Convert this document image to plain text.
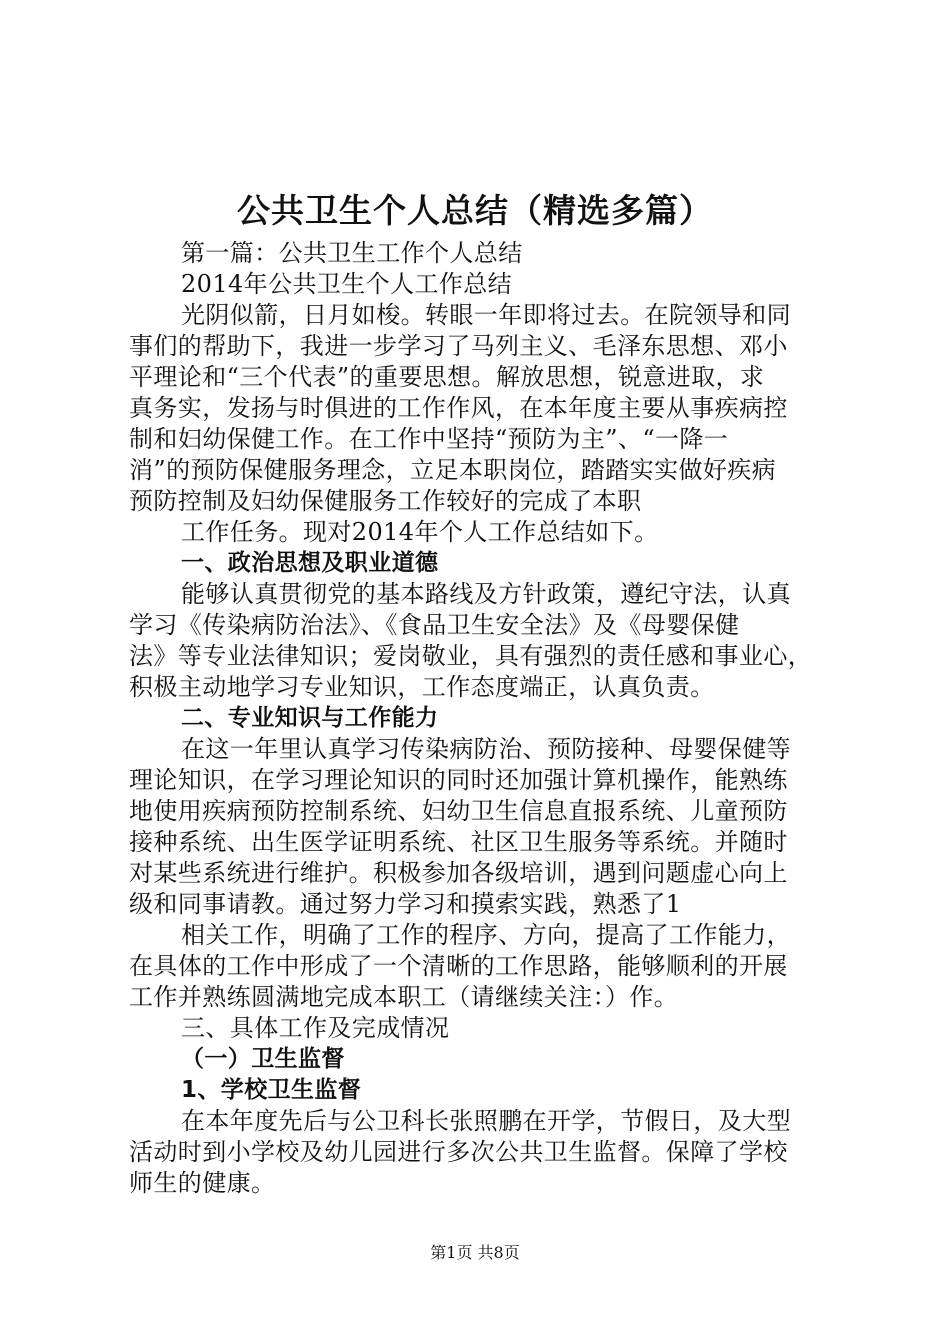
公共卫生个人总结（精选多篇）
第一篇：公共卫生工作个人总结
2014年公共卫生个人工作总结
光阴似箭，日月如梭。转眼一年即将过去。在院领导和同
事们的帮助下，我进一步学习了马列主义、毛泽东思想、邓小
平理论和“三个代表”的重要思想。解放思想，锐意进取，求
真务实，发扬与时俱进的工作作风，在本年度主要从事疾病控
制和妇幼保健工作。在工作中坚持“预防为主”、“一降一
消”的预防保健服务理念，立足本职岗位，踏踏实实做好疾病
预防控制及妇幼保健服务工作较好的完成了本职
工作任务。现对2014年个人工作总结如下。
一、政治思想及职业道德
能够认真贯彻党的基本路线及方针政策，遵纪守法，认真
学习《传染病防治法》、《食品卫生安全法》及《母婴保健
法》等专业法律知识；爱岗敬业，具有强烈的责任感和事业心，
积极主动地学习专业知识，工作态度端正，认真负责。
二、专业知识与工作能力
在这一年里认真学习传染病防治、预防接种、母婴保健等
理论知识，在学习理论知识的同时还加强计算机操作，能熟练
地使用疾病预防控制系统、妇幼卫生信息直报系统、儿童预防
接种系统、出生医学证明系统、社区卫生服务等系统。并随时
对某些系统进行维护。积极参加各级培训，遇到问题虚心向上
级和同事请教。通过努力学习和摸索实践，熟悉了1
相关工作，明确了工作的程序、方向，提高了工作能力，
在具体的工作中形成了一个清晰的工作思路，能够顺利的开展
工作并熟练圆满地完成本职工（请继续关注：）作。
三、具体工作及完成情况
（一）卫生监督
1、学校卫生监督
在本年度先后与公卫科长张照鹏在开学，节假日，及大型
活动时到小学校及幼儿园进行多次公共卫生监督。保障了学校
师生的健康。
第1页 共8页
